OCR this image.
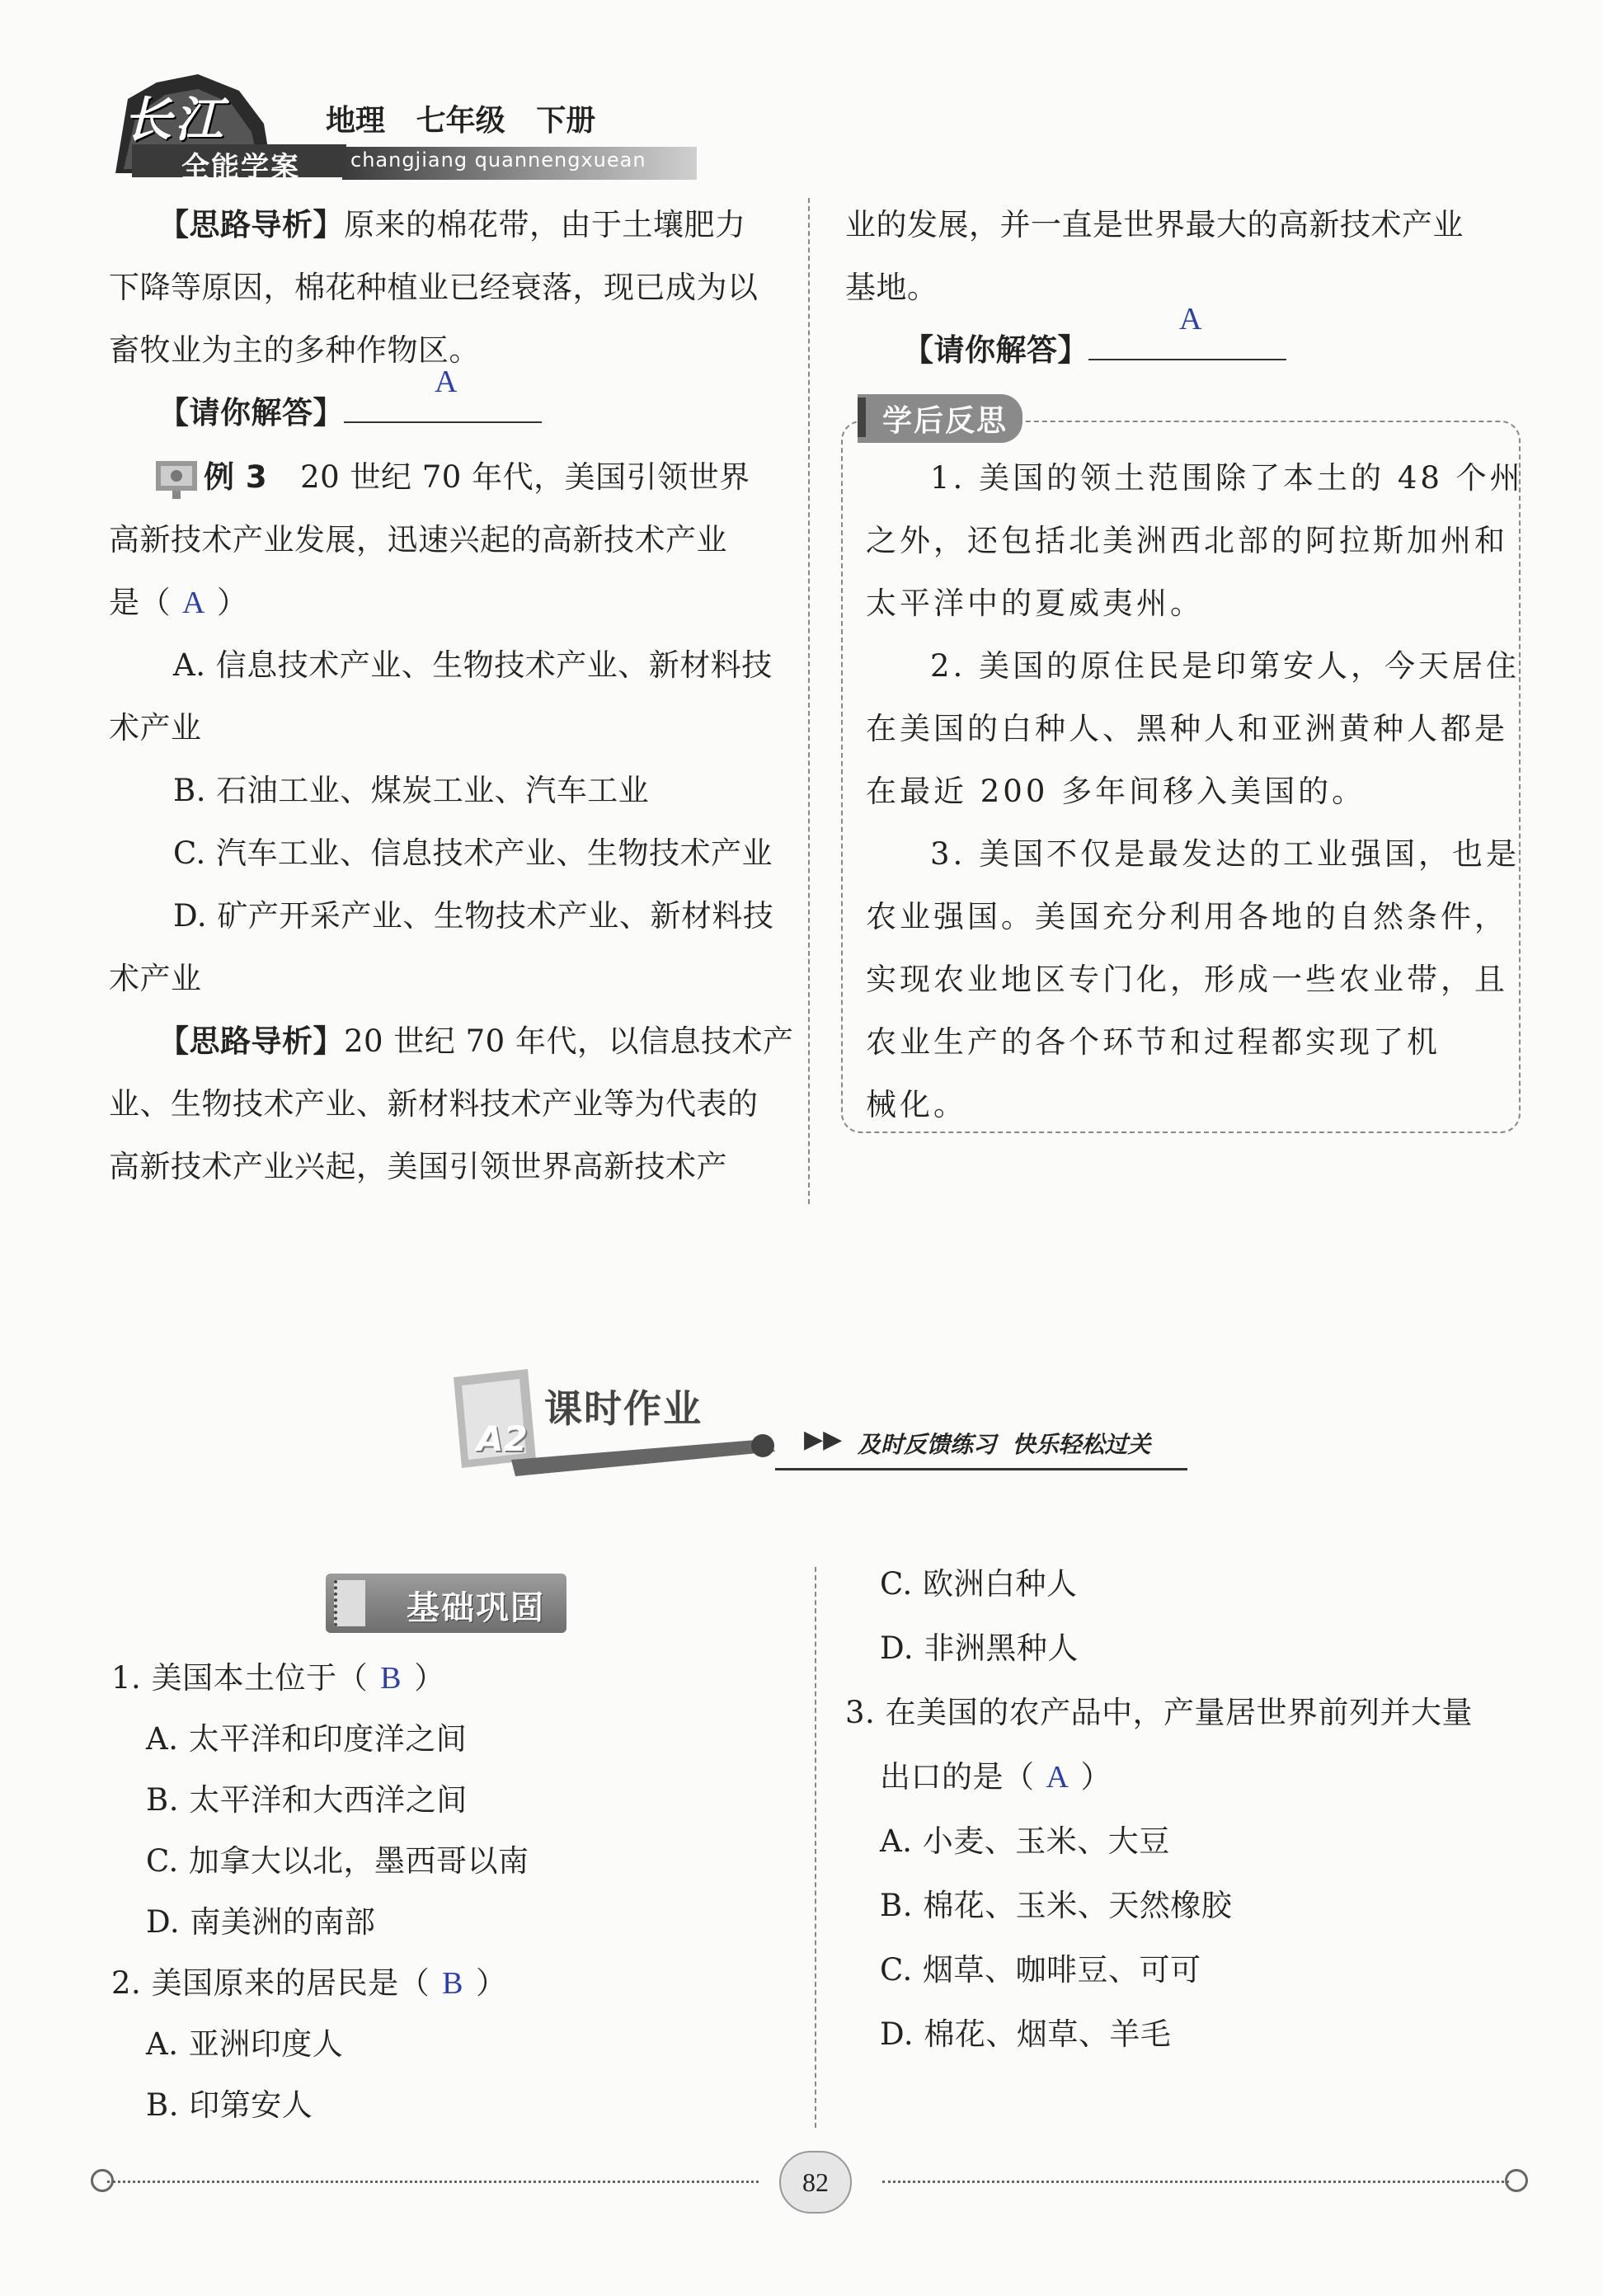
长江
全能学案
地理   七年级   下册
changjiang quannengxuean
【思路导析】原来的棉花带，由于土壤肥力
下降等原因，棉花种植业已经衰落，现已成为以
畜牧业为主的多种作物区。
【请你解答】
A
例 3 20 世纪 70 年代，美国引领世界
高新技术产业发展，迅速兴起的高新技术产业
是（ A ）
A. 信息技术产业、生物技术产业、新材料技
术产业
B. 石油工业、煤炭工业、汽车工业
C. 汽车工业、信息技术产业、生物技术产业
D. 矿产开采产业、生物技术产业、新材料技
术产业
【思路导析】20 世纪 70 年代，以信息技术产
业、生物技术产业、新材料技术产业等为代表的
高新技术产业兴起，美国引领世界高新技术产
业的发展，并一直是世界最大的高新技术产业
基地。
【请你解答】
A
学后反思
1. 美国的领土范围除了本土的 48 个州
之外，还包括北美洲西北部的阿拉斯加州和
太平洋中的夏威夷州。
2. 美国的原住民是印第安人，今天居住
在美国的白种人、黑种人和亚洲黄种人都是
在最近 200 多年间移入美国的。
3. 美国不仅是最发达的工业强国，也是
农业强国。美国充分利用各地的自然条件，
实现农业地区专门化，形成一些农业带，且
农业生产的各个环节和过程都实现了机
械化。
A2
课时作业
▶▶ 及时反馈练习  快乐轻松过关
基础巩固
1. 美国本土位于（ B ）
A. 太平洋和印度洋之间
B. 太平洋和大西洋之间
C. 加拿大以北，墨西哥以南
D. 南美洲的南部
2. 美国原来的居民是（ B ）
A. 亚洲印度人
B. 印第安人
C. 欧洲白种人
D. 非洲黑种人
3. 在美国的农产品中，产量居世界前列并大量
出口的是（ A ）
A. 小麦、玉米、大豆
B. 棉花、玉米、天然橡胶
C. 烟草、咖啡豆、可可
D. 棉花、烟草、羊毛
82
